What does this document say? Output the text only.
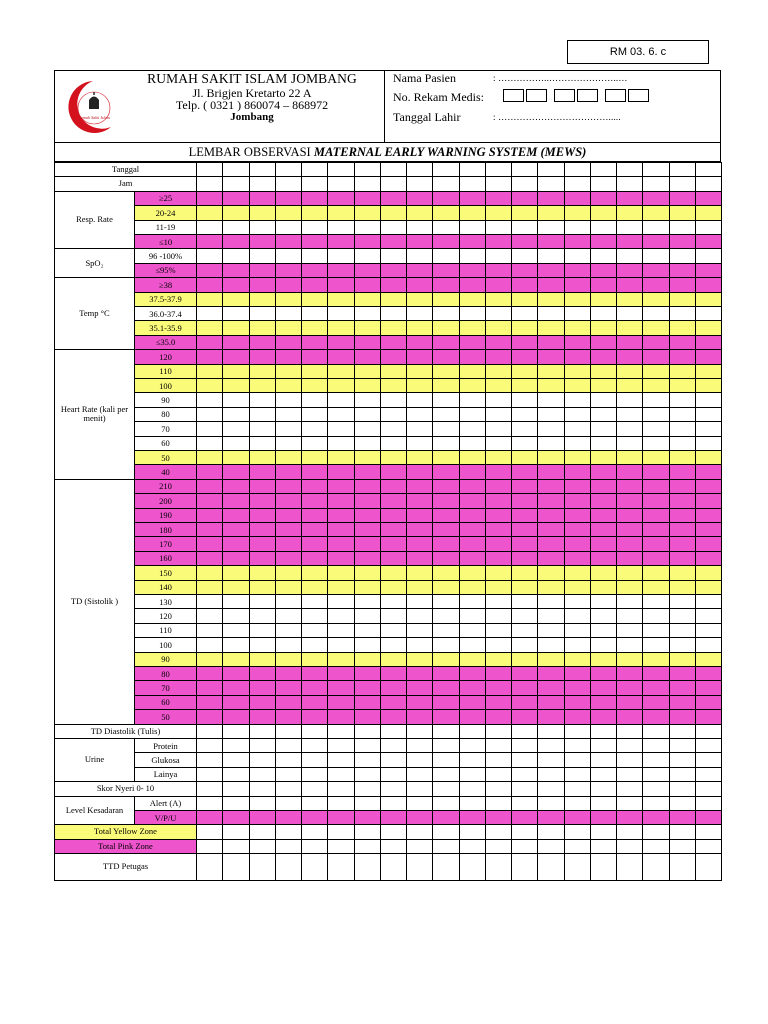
RM 03. 6. c
Rumah Sakit Islam
RUMAH SAKIT ISLAM JOMBANG
Jl. Brigjen Kretarto 22 A
Telp. ( 0321 ) 860074 – 868972
Jombang
Nama Pasien	: ……………..…………………..…
No. Rekam Medis:
Tanggal Lahir	: ……………………………….....
LEMBAR OBSERVASI MATERNAL EARLY WARNING SYSTEM (MEWS)
Tanggal
Jam
Resp. Rate
≥25
20-24
11-19
≤10
SpO₂
96 -100%
≤95%
Temp °C
≥38
37.5-37.9
36.0-37.4
35.1-35.9
≤35.0
Heart Rate (kali per menit)
120
110
100
90
80
70
60
50
40
TD (Sistolik )
210
200
190
180
170
160
150
140
130
120
110
100
90
80
70
60
50
TD Diastolik (Tulis)
Urine
Protein
Glukosa
Lainya
Skor Nyeri 0- 10
Level Kesadaran
Alert (A)
V/P/U
Total Yellow Zone
Total Pink Zone
TTD Petugas
